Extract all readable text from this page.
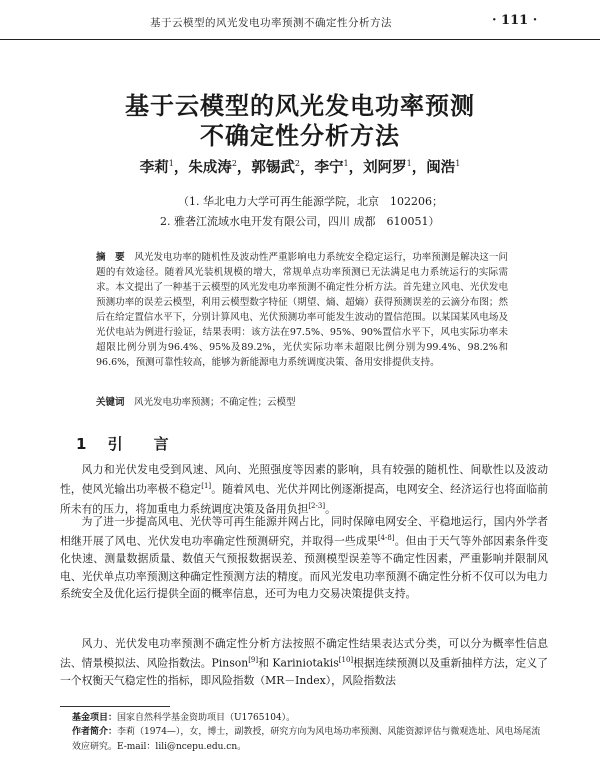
基于云模型的风光发电功率预测不确定性分析方法	· 111 ·
基于云模型的风光发电功率预测
不确定性分析方法
李莉$^1$，朱成涛$^2$，郭锡武$^2$，李宁$^1$，刘阿罗$^1$，闽浩$^1$
（1. 华北电力大学可再生能源学院，北京　102206；
2. 雅砻江流域水电开发有限公司，四川 成都　610051）
摘　要　 风光发电功率的随机性及波动性严重影响电力系统安全稳定运行，功率预测是解决这一问题的有效途径。随着风光装机规模的增大，常规单点功率预测已无法满足电力系统运行的实际需求。本文提出了一种基于云模型的风光发电功率预测不确定性分析方法。首先建立风电、光伏发电预测功率的误差云模型，利用云模型数字特征（期望、熵、超熵）获得预测误差的云滴分布图；然后在给定置信水平下，分别计算风电、光伏预测功率可能发生波动的置信范围。以某国某风电场及光伏电站为例进行验证，结果表明：该方法在97.5%、95%、90%置信水平下，风电实际功率未超限比例分别为96.4%、95%及89.2%，光伏实际功率未超限比例分别为99.4%、98.2%和96.6%，预测可靠性较高，能够为新能源电力系统调度决策、备用安排提供支持。
关键词　 风光发电功率预测；不确定性；云模型
1 引　言
风力和光伏发电受到风速、风向、光照强度等因素的影响，具有较强的随机性、间歇性以及波动性，使风光输出功率极不稳定[1]。随着风电、光伏并网比例逐渐提高，电网安全、经济运行也将面临前所未有的压力，将加重电力系统调度决策及备用负担[2-3]。
为了进一步提高风电、光伏等可再生能源并网占比，同时保障电网安全、平稳地运行，国内外学者相继开展了风电、光伏发电功率确定性预测研究，并取得一些成果[4-8]。但由于天气等外部因素条件变化快速、测量数据质量、数值天气预报数据误差、预测模型误差等不确定性因素，严重影响并限制风电、光伏单点功率预测这种确定性预测方法的精度。而风光发电功率预测不确定性分析不仅可以为电力系统安全及优化运行提供全面的概率信息，还可为电力交易决策提供支持。
风力、光伏发电功率预测不确定性分析方法按照不确定性结果表达式分类，可以分为概率性信息法、情景模拟法、风险指数法。Pinson[9]和 Kariniotakis[10]根据连续预测以及重新抽样方法，定义了一个权衡天气稳定性的指标，即风险指数（MR－Index），风险指数法
基金项目：国家自然科学基金资助项目（U1765104）。
作者简介：李莉（1974—），女，博士，副教授，研究方向为风电场功率预测、风能资源评估与微观选址、风电场尾流效应研究。E-mail：lili@ncepu.edu.cn。
